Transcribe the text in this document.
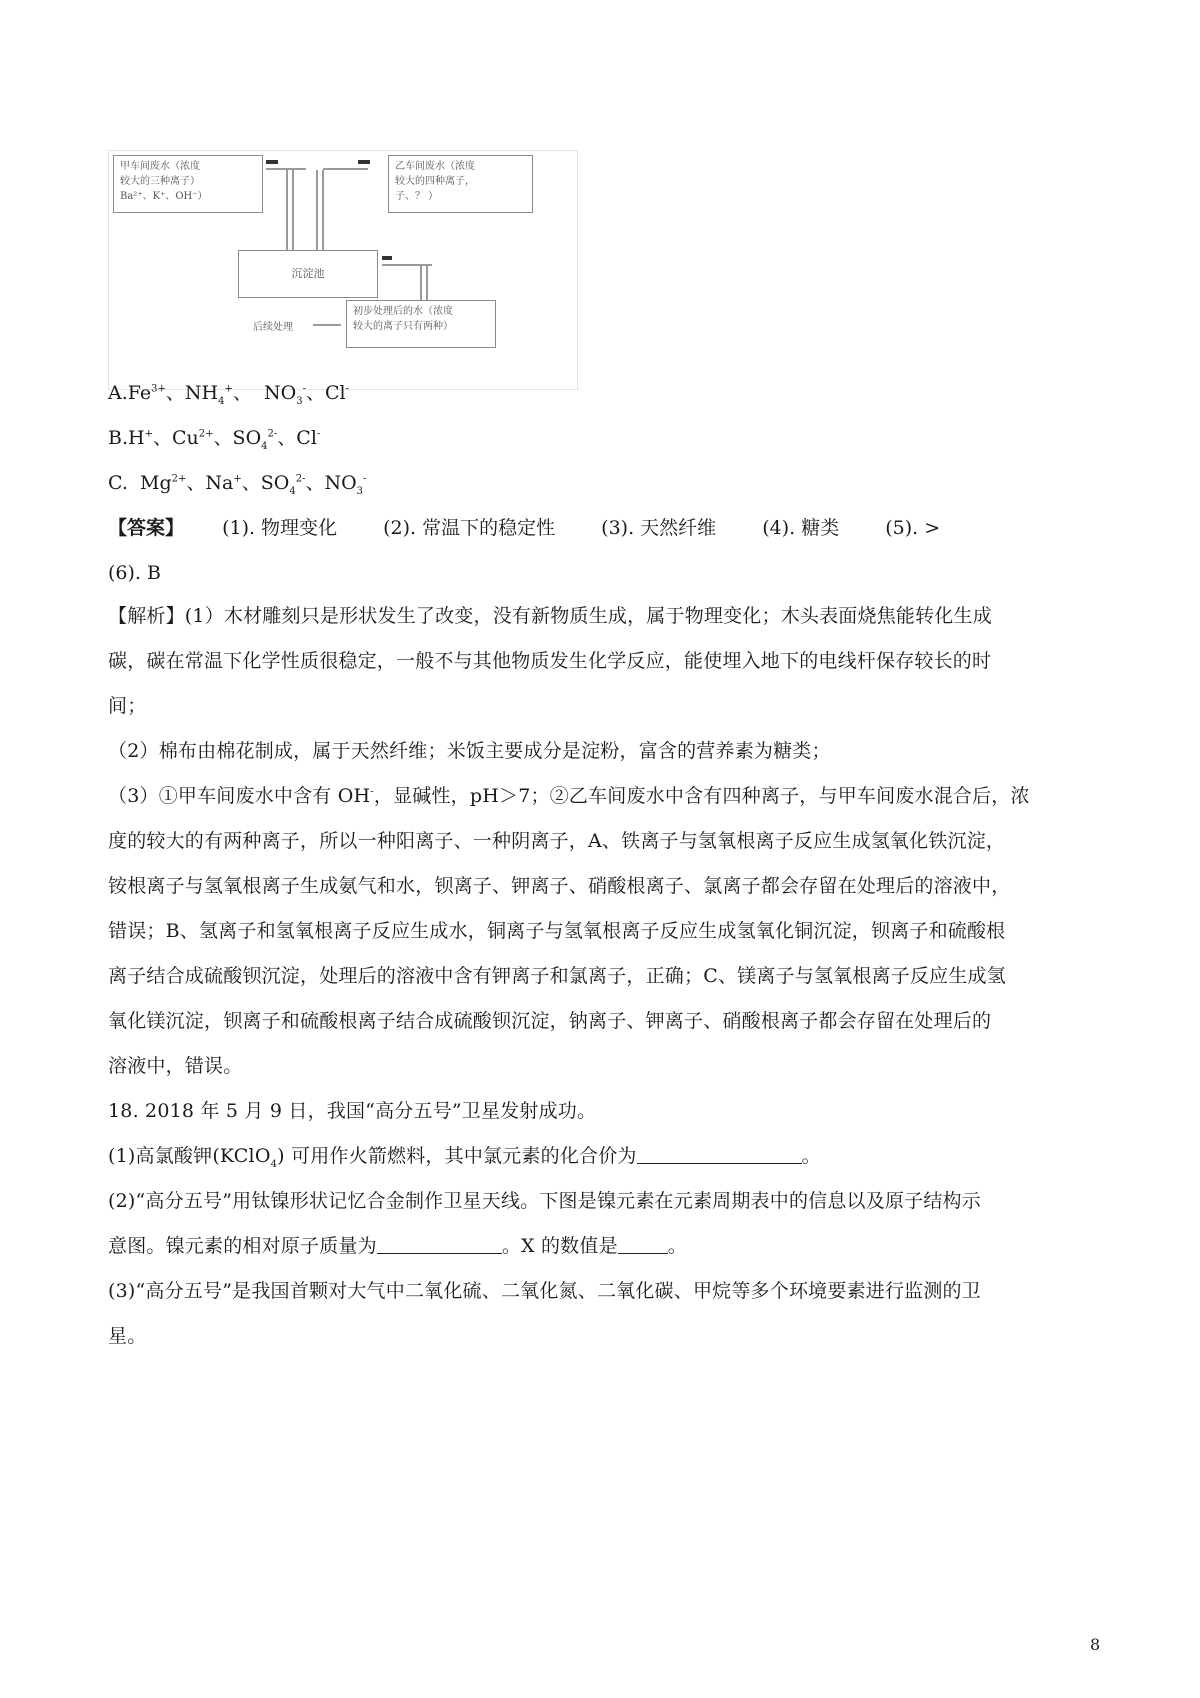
甲车间废水（浓度
较大的三种离子）
Ba²⁺、K⁺、OH⁻）
乙车间废水（浓度
较大的四种离子，
子、？ ）
沉淀池
初步处理后的水（浓度
较大的离子只有两种）
后续处理
$A.Fe^{3+}$、$NH_4^+$、  $NO_3^-$、Cl-
B.H+、$Cu^{2+}$、$SO_4^{2-}$、Cl-
C.  $Mg^{2+}$、Na+、$SO_4^{2-}$、$NO_3^-$
【答案】 (1). 物理变化 (2). 常温下的稳定性 (3). 天然纤维 (4). 糖类 (5). >
(6). B
【解析】(1）木材雕刻只是形状发生了改变，没有新物质生成，属于物理变化；木头表面烧焦能转化生成
碳，碳在常温下化学性质很稳定，一般不与其他物质发生化学反应，能使埋入地下的电线杆保存较长的时
间；
（2）棉布由棉花制成，属于天然纤维；米饭主要成分是淀粉，富含的营养素为糖类；
（3）①甲车间废水中含有 OH-，显碱性，pH＞7；②乙车间废水中含有四种离子，与甲车间废水混合后，浓
度的较大的有两种离子，所以一种阳离子、一种阴离子，A、铁离子与氢氧根离子反应生成氢氧化铁沉淀，
铵根离子与氢氧根离子生成氨气和水，钡离子、钾离子、硝酸根离子、氯离子都会存留在处理后的溶液中，
错误；B、氢离子和氢氧根离子反应生成水，铜离子与氢氧根离子反应生成氢氧化铜沉淀，钡离子和硫酸根
离子结合成硫酸钡沉淀，处理后的溶液中含有钾离子和氯离子，正确；C、镁离子与氢氧根离子反应生成氢
氧化镁沉淀，钡离子和硫酸根离子结合成硫酸钡沉淀，钠离子、钾离子、硝酸根离子都会存留在处理后的
溶液中，错误。
18. 2018 年 5 月 9 日，我国“高分五号”卫星发射成功。
(1)高氯酸钾(KClO$_4$) 可用作火箭燃料，其中氯元素的化合价为	。
(2)“高分五号”用钛镍形状记忆合金制作卫星天线。下图是镍元素在元素周期表中的信息以及原子结构示
意图。镍元素的相对原子质量为	。X 的数值是	。
(3)“高分五号”是我国首颗对大气中二氧化硫、二氧化氮、二氧化碳、甲烷等多个环境要素进行监测的卫
星。
8
